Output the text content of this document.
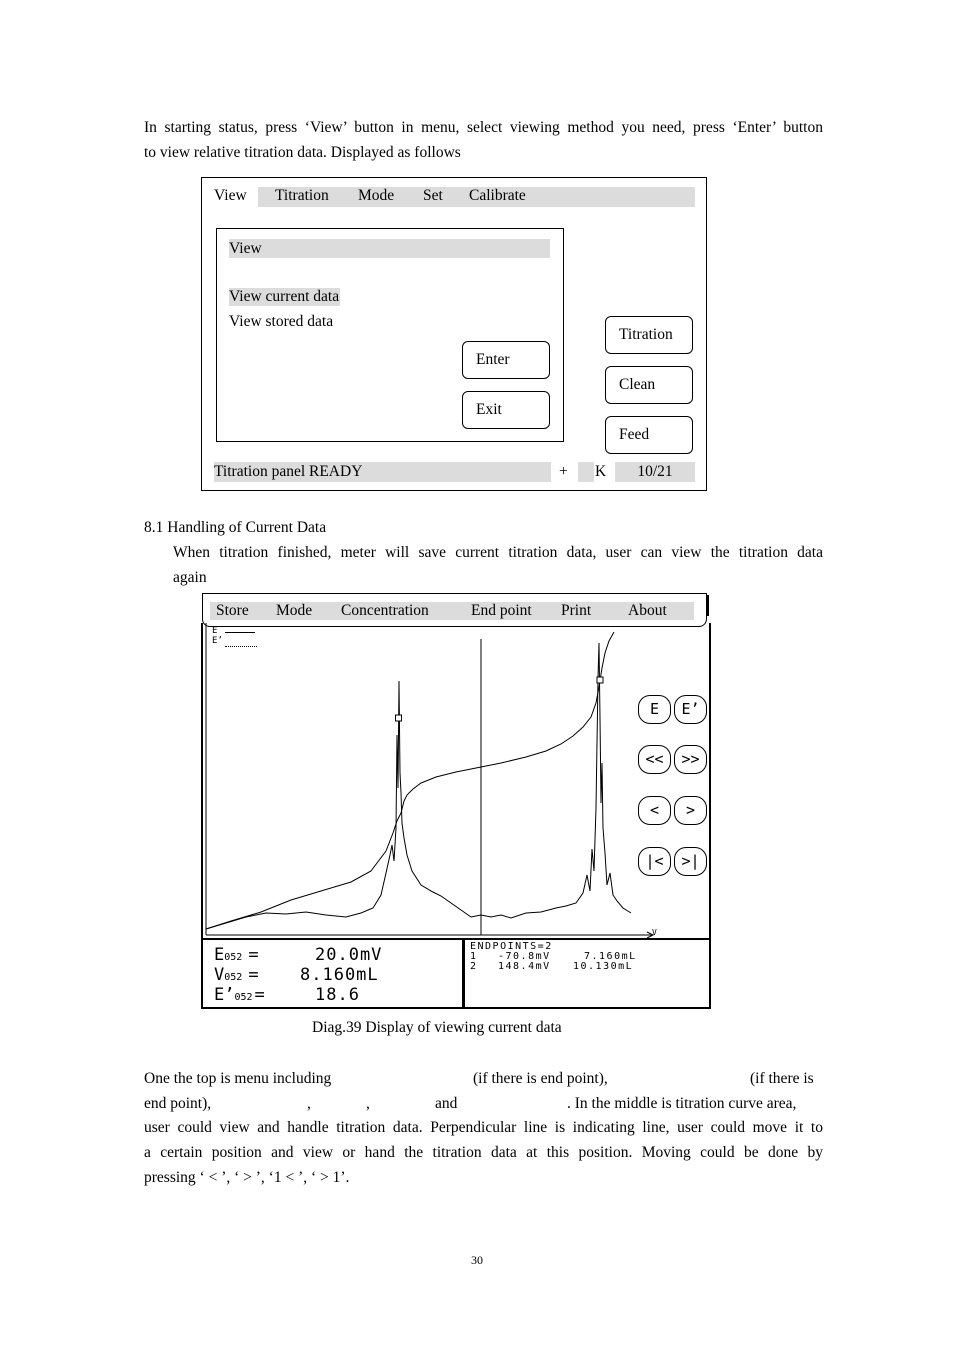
In starting status, press ‘View’ button in menu, select viewing method you need, press ‘Enter’ button
to view relative titration data. Displayed as follows
View Titration Mode Set Calibrate
View
View current data
View stored data
Enter
Exit
Titration
Clean
Feed
Titration panel READY	+ K	10/21
8.1 Handling of Current Data
When titration finished, meter will save current titration data, user can view the titration data
again
Store Mode Concentration	End point Print About
E
E’
V
E	E’
<<	>>
<	>
|<	>|
E052 =	20.0mV
V052 = 8.160mL
E’052 =	18.6
ENDPOINTS=2
1 -70.8mV	7.160mL
2 148.4mV 10.130mL
Diag.39 Display of viewing current data
One the top is menu including	(if there is end point),	(if there is
end point),	,	,	and	. In the middle is titration curve area,
user could view and handle titration data. Perpendicular line is indicating line, user could move it to
a certain position and view or hand the titration data at this position. Moving could be done by
pressing ‘ < ’, ‘ > ’, ‘1 < ’, ‘ > 1’.
30
